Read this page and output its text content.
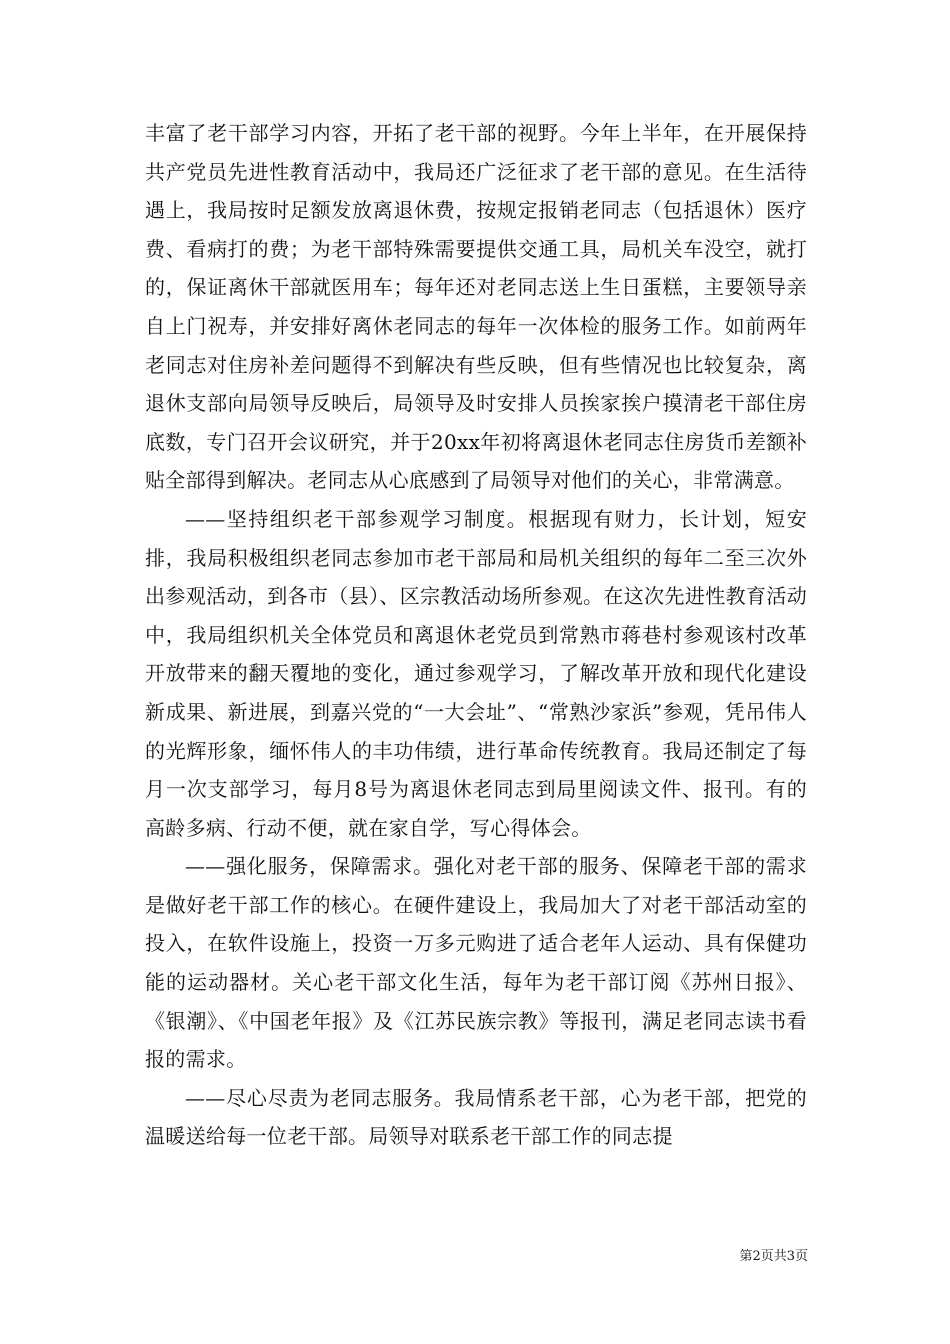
丰富了老干部学习内容，开拓了老干部的视野。今年上半年，在开展保持共产党员先进性教育活动中，我局还广泛征求了老干部的意见。在生活待遇上，我局按时足额发放离退休费，按规定报销老同志（包括退休）医疗费、看病打的费；为老干部特殊需要提供交通工具，局机关车没空，就打的，保证离休干部就医用车；每年还对老同志送上生日蛋糕，主要领导亲自上门祝寿，并安排好离休老同志的每年一次体检的服务工作。如前两年老同志对住房补差问题得不到解决有些反映，但有些情况也比较复杂，离退休支部向局领导反映后，局领导及时安排人员挨家挨户摸清老干部住房底数，专门召开会议研究，并于20xx年初将离退休老同志住房货币差额补贴全部得到解决。老同志从心底感到了局领导对他们的关心，非常满意。

——坚持组织老干部参观学习制度。根据现有财力，长计划，短安排，我局积极组织老同志参加市老干部局和局机关组织的每年二至三次外出参观活动，到各市（县）、区宗教活动场所参观。在这次先进性教育活动中，我局组织机关全体党员和离退休老党员到常熟市蒋巷村参观该村改革开放带来的翻天覆地的变化，通过参观学习，了解改革开放和现代化建设新成果、新进展，到嘉兴党的“一大会址”、“常熟沙家浜”参观，凭吊伟人的光辉形象，缅怀伟人的丰功伟绩，进行革命传统教育。我局还制定了每月一次支部学习，每月8号为离退休老同志到局里阅读文件、报刊。有的高龄多病、行动不便，就在家自学，写心得体会。

——强化服务，保障需求。强化对老干部的服务、保障老干部的需求是做好老干部工作的核心。在硬件建设上，我局加大了对老干部活动室的投入，在软件设施上，投资一万多元购进了适合老年人运动、具有保健功能的运动器材。关心老干部文化生活，每年为老干部订阅《苏州日报》、《银潮》、《中国老年报》及《江苏民族宗教》等报刊，满足老同志读书看报的需求。

——尽心尽责为老同志服务。我局情系老干部，心为老干部，把党的温暖送给每一位老干部。局领导对联系老干部工作的同志提

第2页共3页
